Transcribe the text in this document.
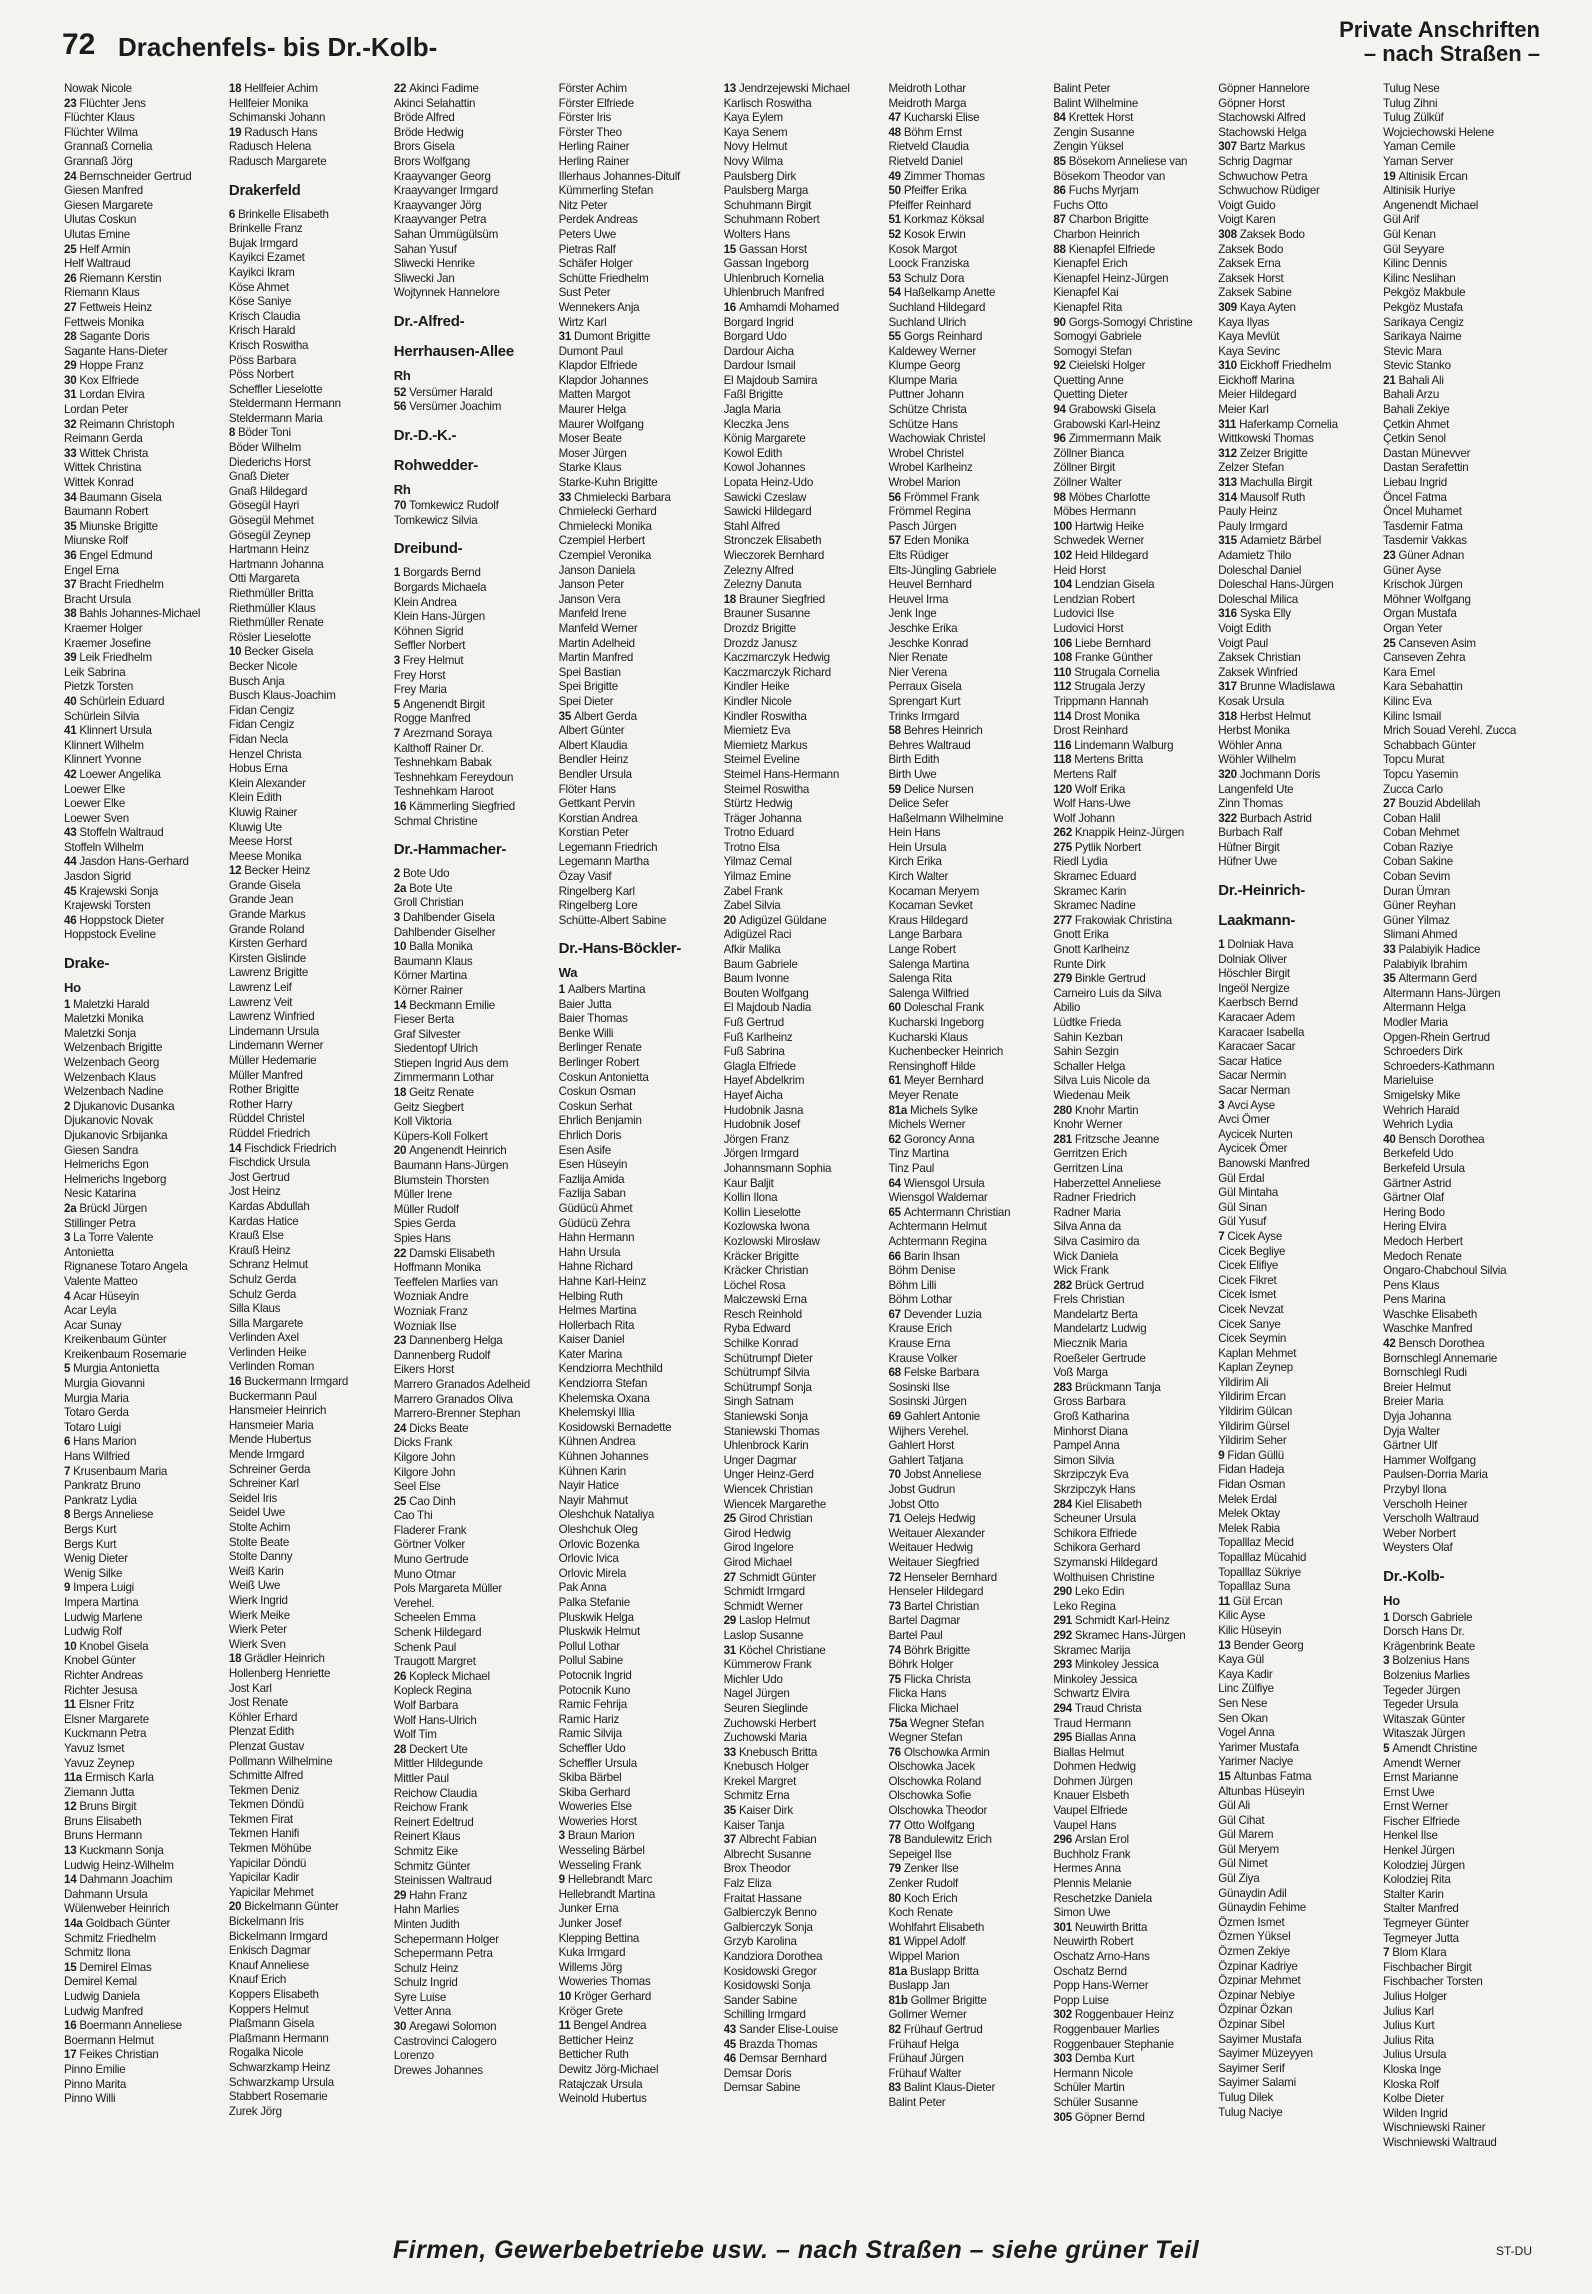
72 Drachenfels- bis Dr.-Kolb-
Private Anschriften
– nach Straßen –
Nowak Nicole
23 Flüchter Jens
Flüchter Klaus
Flüchter Wilma
Grannaß Cornelia
Grannaß Jörg
24 Bernschneider Gertrud
Giesen Manfred
Giesen Margarete
Ulutas Coskun
Ulutas Emine
25 Helf Armin
Helf Waltraud
26 Riemann Kerstin
Riemann Klaus
27 Fettweis Heinz
Fettweis Monika
28 Sagante Doris
Sagante Hans-Dieter
29 Hoppe Franz
30 Kox Elfriede
31 Lordan Elvira
Lordan Peter
32 Reimann Christoph
Reimann Gerda
33 Wittek Christa
Wittek Christina
Wittek Konrad
34 Baumann Gisela
Baumann Robert
35 Miunske Brigitte
Miunske Rolf
36 Engel Edmund
Engel Erna
37 Bracht Friedhelm
Bracht Ursula
38 Bahls Johannes-Michael
Kraemer Holger
Kraemer Josefine
39 Leik Friedhelm
Leik Sabrina
Pietzk Torsten
40 Schürlein Eduard
Schürlein Silvia
41 Klinnert Ursula
Klinnert Wilhelm
Klinnert Yvonne
42 Loewer Angelika
Loewer Elke
Loewer Elke
Loewer Sven
43 Stoffeln Waltraud
Stoffeln Wilhelm
44 Jasdon Hans-Gerhard
Jasdon Sigrid
45 Krajewski Sonja
Krajewski Torsten
46 Hoppstock Dieter
Hoppstock Eveline
Drake-
Ho
1 Maletzki Harald
Maletzki Monika
Maletzki Sonja
Welzenbach Brigitte
Welzenbach Georg
Welzenbach Klaus
Welzenbach Nadine
2 Djukanovic Dusanka
Djukanovic Novak
Djukanovic Srbijanka
Giesen Sandra
Helmerichs Egon
Helmerichs Ingeborg
Nesic Katarina
2a Brückl Jürgen
Stillinger Petra
3 La Torre Valente
Antonietta
Rignanese Totaro Angela
Valente Matteo
4 Acar Hüseyin
Acar Leyla
Acar Sunay
Kreikenbaum Günter
Kreikenbaum Rosemarie
5 Murgia Antonietta
Murgia Giovanni
Murgia Maria
Totaro Gerda
Totaro Luigi
6 Hans Marion
Hans Wilfried
7 Krusenbaum Maria
Pankratz Bruno
Pankratz Lydia
8 Bergs Anneliese
Bergs Kurt
Bergs Kurt
Wenig Dieter
Wenig Silke
9 Impera Luigi
Impera Martina
Ludwig Marlene
Ludwig Rolf
10 Knobel Gisela
Knobel Günter
Richter Andreas
Richter Jesusa
11 Elsner Fritz
Elsner Margarete
Kuckmann Petra
Yavuz Ismet
Yavuz Zeynep
11a Ermisch Karla
Ziemann Jutta
12 Bruns Birgit
Bruns Elisabeth
Bruns Hermann
13 Kuckmann Sonja
Ludwig Heinz-Wilhelm
14 Dahmann Joachim
Dahmann Ursula
Wülenweber Heinrich
14a Goldbach Günter
Schmitz Friedhelm
Schmitz Ilona
15 Demirel Elmas
Demirel Kemal
Ludwig Daniela
Ludwig Manfred
16 Boermann Anneliese
Boermann Helmut
17 Feikes Christian
Pinno Emilie
Pinno Marita
Pinno Willi
18 Hellfeier Achim
Hellfeier Monika
Schimanski Johann
19 Radusch Hans
Radusch Helena
Radusch Margarete
Drakerfeld
6 Brinkelle Elisabeth
Brinkelle Franz
Bujak Irmgard
Kayikci Ezamet
Kayikci Ikram
Köse Ahmet
Köse Saniye
Krisch Claudia
Krisch Harald
Krisch Roswitha
Pöss Barbara
Pöss Norbert
Scheffler Lieselotte
Steldermann Hermann
Steldermann Maria
8 Böder Toni
Böder Wilhelm
Diederichs Horst
Gnaß Dieter
Gnaß Hildegard
Gösegül Hayri
Gösegül Mehmet
Gösegül Zeynep
Hartmann Heinz
Hartmann Johanna
Otti Margareta
Riethmüller Britta
Riethmüller Klaus
Riethmüller Renate
Rösler Lieselotte
10 Becker Gisela
Becker Nicole
Busch Anja
Busch Klaus-Joachim
Fidan Cengiz
Fidan Cengiz
Fidan Necla
Henzel Christa
Hobus Erna
Klein Alexander
Klein Edith
Kluwig Rainer
Kluwig Ute
Meese Horst
Meese Monika
12 Becker Heinz
Grande Gisela
Grande Jean
Grande Markus
Grande Roland
Kirsten Gerhard
Kirsten Gislinde
Lawrenz Brigitte
Lawrenz Leif
Lawrenz Veit
Lawrenz Winfried
Lindemann Ursula
Lindemann Werner
Müller Hedemarie
Müller Manfred
Rother Brigitte
Rother Harry
Rüddel Christel
Rüddel Friedrich
14 Fischdick Friedrich
Fischdick Ursula
Jost Gertrud
Jost Heinz
Kardas Abdullah
Kardas Hatice
Krauß Else
Krauß Heinz
Schranz Helmut
Schulz Gerda
Schulz Gerda
Silla Klaus
Silla Margarete
Verlinden Axel
Verlinden Heike
Verlinden Roman
16 Buckermann Irmgard
Buckermann Paul
Hansmeier Heinrich
Hansmeier Maria
Mende Hubertus
Mende Irmgard
Schreiner Gerda
Schreiner Karl
Seidel Iris
Seidel Uwe
Stolte Achim
Stolte Beate
Stolte Danny
Weiß Karin
Weiß Uwe
Wierk Ingrid
Wierk Meike
Wierk Peter
Wierk Sven
18 Grädler Heinrich
Hollenberg Henriette
Jost Karl
Jost Renate
Köhler Erhard
Plenzat Edith
Plenzat Gustav
Pollmann Wilhelmine
Schmitte Alfred
Tekmen Deniz
Tekmen Döndü
Tekmen Firat
Tekmen Hanifi
Tekmen Möhübe
Yapicilar Döndü
Yapicilar Kadir
Yapicilar Mehmet
20 Bickelmann Günter
Bickelmann Iris
Bickelmann Irmgard
Enkisch Dagmar
Knauf Anneliese
Knauf Erich
Koppers Elisabeth
Koppers Helmut
Plaßmann Gisela
Plaßmann Hermann
Rogalka Nicole
Schwarzkamp Heinz
Schwarzkamp Ursula
Stabbert Rosemarie
Zurek Jörg
22 Akinci Fadime
Akinci Selahattin
Bröde Alfred
Bröde Hedwig
Brors Gisela
Brors Wolfgang
Kraayvanger Georg
Kraayvanger Irmgard
Kraayvanger Jörg
Kraayvanger Petra
Sahan Ümmügülsüm
Sahan Yusuf
Sliwecki Henrike
Sliwecki Jan
Wojtynnek Hannelore
Dr.-Alfred-
Herrhausen-Allee
Rh
52 Versümer Harald
56 Versümer Joachim
Dr.-D.-K.-
Rohwedder-
Rh
70 Tomkewicz Rudolf
Tomkewicz Silvia
Dreibund-
1 Borgards Bernd
Borgards Michaela
Klein Andrea
Klein Hans-Jürgen
Köhnen Sigrid
Seffler Norbert
3 Frey Helmut
Frey Horst
Frey Maria
5 Angenendt Birgit
Rogge Manfred
7 Arezmand Soraya
Kalthoff Rainer Dr.
Teshnehkam Babak
Teshnehkam Fereydoun
Teshnehkam Haroot
16 Kämmerling Siegfried
Schmal Christine
Dr.-Hammacher-
2 Bote Udo
2a Bote Ute
Groll Christian
3 Dahlbender Gisela
Dahlbender Giselher
10 Balla Monika
Baumann Klaus
Körner Martina
Körner Rainer
14 Beckmann Emilie
Fieser Berta
Graf Silvester
Siedentopf Ulrich
Stiepen Ingrid Aus dem
Zimmermann Lothar
18 Geitz Renate
Geitz Siegbert
Koll Viktoria
Küpers-Koll Folkert
20 Angenendt Heinrich
Baumann Hans-Jürgen
Blumstein Thorsten
Müller Irene
Müller Rudolf
Spies Gerda
Spies Hans
22 Damski Elisabeth
Hoffmann Monika
Teeffelen Marlies van
Wozniak Andre
Wozniak Franz
Wozniak Ilse
23 Dannenberg Helga
Dannenberg Rudolf
Eikers Horst
Marrero Granados Adelheid
Marrero Granados Oliva
Marrero-Brenner Stephan
24 Dicks Beate
Dicks Frank
Kilgore John
Kilgore John
Seel Else
25 Cao Dinh
Cao Thi
Fladerer Frank
Görtner Volker
Muno Gertrude
Muno Otmar
Pols Margareta Müller
Verehel.
Scheelen Emma
Schenk Hildegard
Schenk Paul
Traugott Margret
26 Kopleck Michael
Kopleck Regina
Wolf Barbara
Wolf Hans-Ulrich
Wolf Tim
28 Deckert Ute
Mittler Hildegunde
Mittler Paul
Reichow Claudia
Reichow Frank
Reinert Edeltrud
Reinert Klaus
Schmitz Eike
Schmitz Günter
Steinissen Waltraud
29 Hahn Franz
Hahn Marlies
Minten Judith
Schepermann Holger
Schepermann Petra
Schulz Heinz
Schulz Ingrid
Syre Luise
Vetter Anna
30 Aregawi Solomon
Castrovinci Calogero
Lorenzo
Drewes Johannes
Förster Achim
Förster Elfriede
Förster Iris
Förster Theo
Herling Rainer
Herling Rainer
Illerhaus Johannes-Ditulf
Kümmerling Stefan
Nitz Peter
Perdek Andreas
Peters Uwe
Pietras Ralf
Schäfer Holger
Schütte Friedhelm
Sust Peter
Wennekers Anja
Wirtz Karl
31 Dumont Brigitte
Dumont Paul
Klapdor Elfriede
Klapdor Johannes
Matten Margot
Maurer Helga
Maurer Wolfgang
Moser Beate
Moser Jürgen
Starke Klaus
Starke-Kuhn Brigitte
33 Chmielecki Barbara
Chmielecki Gerhard
Chmielecki Monika
Czempiel Herbert
Czempiel Veronika
Janson Daniela
Janson Peter
Janson Vera
Manfeld Irene
Manfeld Werner
Martin Adelheid
Martin Manfred
Spei Bastian
Spei Brigitte
Spei Dieter
35 Albert Gerda
Albert Günter
Albert Klaudia
Bendler Heinz
Bendler Ursula
Flöter Hans
Gettkant Pervin
Korstian Andrea
Korstian Peter
Legemann Friedrich
Legemann Martha
Özay Vasif
Ringelberg Karl
Ringelberg Lore
Schütte-Albert Sabine
Dr.-Hans-Böckler-
Wa
1 Aalbers Martina
Baier Jutta
Baier Thomas
Benke Willi
Berlinger Renate
Berlinger Robert
Coskun Antonietta
Coskun Osman
Coskun Serhat
Ehrlich Benjamin
Ehrlich Doris
Esen Asife
Esen Hüseyin
Fazlija Amida
Fazlija Saban
Güdücü Ahmet
Güdücü Zehra
Hahn Hermann
Hahn Ursula
Hahne Richard
Hahne Karl-Heinz
Helbing Ruth
Helmes Martina
Hollerbach Rita
Kaiser Daniel
Kater Marina
Kendziorra Mechthild
Kendziorra Stefan
Khelemska Oxana
Khelemskyi Illia
Kosidowski Bernadette
Kühnen Andrea
Kühnen Johannes
Kühnen Karin
Nayir Hatice
Nayir Mahmut
Oleshchuk Nataliya
Oleshchuk Oleg
Orlovic Bozenka
Orlovic Ivica
Orlovic Mirela
Pak Anna
Palka Stefanie
Pluskwik Helga
Pluskwik Helmut
Pollul Lothar
Pollul Sabine
Potocnik Ingrid
Potocnik Kuno
Ramic Fehrija
Ramic Hariz
Ramic Silvija
Scheffler Udo
Scheffler Ursula
Skiba Bärbel
Skiba Gerhard
Woweries Else
Woweries Horst
3 Braun Marion
Wesseling Bärbel
Wesseling Frank
9 Hellebrandt Marc
Hellebrandt Martina
Junker Erna
Junker Josef
Klepping Bettina
Kuka Irmgard
Willems Jörg
Woweries Thomas
10 Kröger Gerhard
Kröger Grete
11 Bengel Andrea
Betticher Heinz
Betticher Ruth
Dewitz Jörg-Michael
Ratajczak Ursula
Weinold Hubertus
13 Jendrzejewski Michael
Karlisch Roswitha
Kaya Eylem
Kaya Senem
Novy Helmut
Novy Wilma
Paulsberg Dirk
Paulsberg Marga
Schuhmann Birgit
Schuhmann Robert
Wolters Hans
15 Gassan Horst
Gassan Ingeborg
Uhlenbruch Kornelia
Uhlenbruch Manfred
16 Amhamdi Mohamed
Borgard Ingrid
Borgard Udo
Dardour Aicha
Dardour Ismail
El Majdoub Samira
Faßl Brigitte
Jagla Maria
Kleczka Jens
König Margarete
Kowol Edith
Kowol Johannes
Lopata Heinz-Udo
Sawicki Czeslaw
Sawicki Hildegard
Stahl Alfred
Stronczek Elisabeth
Wieczorek Bernhard
Zelezny Alfred
Zelezny Danuta
18 Brauner Siegfried
Brauner Susanne
Drozdz Brigitte
Drozdz Janusz
Kaczmarczyk Hedwig
Kaczmarczyk Richard
Kindler Heike
Kindler Nicole
Kindler Roswitha
Miemietz Eva
Miemietz Markus
Steimel Eveline
Steimel Hans-Hermann
Steimel Roswitha
Stürtz Hedwig
Träger Johanna
Trotno Eduard
Trotno Elsa
Yilmaz Cemal
Yilmaz Emine
Zabel Frank
Zabel Silvia
20 Adigüzel Güldane
Adigüzel Raci
Afkir Malika
Baum Gabriele
Baum Ivonne
Bouten Wolfgang
El Majdoub Nadia
Fuß Gertrud
Fuß Karlheinz
Fuß Sabrina
Glagla Elfriede
Hayef Abdelkrim
Hayef Aicha
Hudobnik Jasna
Hudobnik Josef
Jörgen Franz
Jörgen Irmgard
Johannsmann Sophia
Kaur Baljit
Kollin Ilona
Kollin Lieselotte
Kozlowska Iwona
Kozlowski Mirosław
Kräcker Brigitte
Kräcker Christian
Löchel Rosa
Malczewski Erna
Resch Reinhold
Ryba Edward
Schilke Konrad
Schütrumpf Dieter
Schütrumpf Silvia
Schütrumpf Sonja
Singh Satnam
Staniewski Sonja
Staniewski Thomas
Uhlenbrock Karin
Unger Dagmar
Unger Heinz-Gerd
Wiencek Christian
Wiencek Margarethe
25 Girod Christian
Girod Hedwig
Girod Ingelore
Girod Michael
27 Schmidt Günter
Schmidt Irmgard
Schmidt Werner
29 Laslop Helmut
Laslop Susanne
31 Köchel Christiane
Kümmerow Frank
Michler Udo
Nagel Jürgen
Seuren Sieglinde
Zuchowski Herbert
Zuchowski Maria
33 Knebusch Britta
Knebusch Holger
Krekel Margret
Schmitz Erna
35 Kaiser Dirk
Kaiser Tanja
37 Albrecht Fabian
Albrecht Susanne
Brox Theodor
Falz Eliza
Fraitat Hassane
Galbierczyk Benno
Galbierczyk Sonja
Grzyb Karolina
Kandziora Dorothea
Kosidowski Gregor
Kosidowski Sonja
Sander Sabine
Schilling Irmgard
43 Sander Elise-Louise
45 Brazda Thomas
46 Demsar Bernhard
Demsar Doris
Demsar Sabine
Meidroth Lothar
Meidroth Marga
47 Kucharski Elise
48 Böhm Ernst
Rietveld Claudia
Rietveld Daniel
49 Zimmer Thomas
50 Pfeiffer Erika
Pfeiffer Reinhard
51 Korkmaz Köksal
52 Kosok Erwin
Kosok Margot
Loock Franziska
53 Schulz Dora
54 Haßelkamp Anette
Suchland Hildegard
Suchland Ulrich
55 Gorgs Reinhard
Kaldewey Werner
Klumpe Georg
Klumpe Maria
Puttner Johann
Schütze Christa
Schütze Hans
Wachowiak Christel
Wrobel Christel
Wrobel Karlheinz
Wrobel Marion
56 Frömmel Frank
Frömmel Regina
Pasch Jürgen
57 Eden Monika
Elts Rüdiger
Elts-Jüngling Gabriele
Heuvel Bernhard
Heuvel Irma
Jenk Inge
Jeschke Erika
Jeschke Konrad
Nier Renate
Nier Verena
Perraux Gisela
Sprengart Kurt
Trinks Irmgard
58 Behres Heinrich
Behres Waltraud
Birth Edith
Birth Uwe
59 Delice Nursen
Delice Sefer
Haßelmann Wilhelmine
Hein Hans
Hein Ursula
Kirch Erika
Kirch Walter
Kocaman Meryem
Kocaman Sevket
Kraus Hildegard
Lange Barbara
Lange Robert
Salenga Martina
Salenga Rita
Salenga Wilfried
60 Doleschal Frank
Kucharski Ingeborg
Kucharski Klaus
Kuchenbecker Heinrich
Rensinghoff Hilde
61 Meyer Bernhard
Meyer Renate
81a Michels Sylke
Michels Werner
62 Goroncy Anna
Tinz Martina
Tinz Paul
64 Wiensgol Ursula
Wiensgol Waldemar
65 Achtermann Christian
Achtermann Helmut
Achtermann Regina
66 Barin Ihsan
Böhm Denise
Böhm Lilli
Böhm Lothar
67 Devender Luzia
Krause Erich
Krause Erna
Krause Volker
68 Felske Barbara
Sosinski Ilse
Sosinski Jürgen
69 Gahlert Antonie
Wijhers Verehel.
Gahlert Horst
Gahlert Tatjana
70 Jobst Anneliese
Jobst Gudrun
Jobst Otto
71 Oelejs Hedwig
Weitauer Alexander
Weitauer Hedwig
Weitauer Siegfried
72 Henseler Bernhard
Henseler Hildegard
73 Bartel Christian
Bartel Dagmar
Bartel Paul
74 Böhrk Brigitte
Böhrk Holger
75 Flicka Christa
Flicka Hans
Flicka Michael
75a Wegner Stefan
Wegner Stefan
76 Olschowka Armin
Olschowka Jacek
Olschowka Roland
Olschowka Sofie
Olschowka Theodor
77 Otto Wolfgang
78 Bandulewitz Erich
Sepeigel Ilse
79 Zenker Ilse
Zenker Rudolf
80 Koch Erich
Koch Renate
Wohlfahrt Elisabeth
81 Wippel Adolf
Wippel Marion
81a Buslapp Britta
Buslapp Jan
81b Gollmer Brigitte
Gollmer Werner
82 Frühauf Gertrud
Frühauf Helga
Frühauf Jürgen
Frühauf Walter
83 Balint Klaus-Dieter
Balint Peter
Balint Peter
Balint Wilhelmine
84 Krettek Horst
Zengin Susanne
Zengin Yüksel
85 Bösekom Anneliese van
Bösekom Theodor van
86 Fuchs Myrjam
Fuchs Otto
87 Charbon Brigitte
Charbon Heinrich
88 Kienapfel Elfriede
Kienapfel Erich
Kienapfel Heinz-Jürgen
Kienapfel Kai
Kienapfel Rita
90 Gorgs-Somogyi Christine
Somogyi Gabriele
Somogyi Stefan
92 Cieielski Holger
Quetting Anne
Quetting Dieter
94 Grabowski Gisela
Grabowski Karl-Heinz
96 Zimmermann Maik
Zöllner Bianca
Zöllner Birgit
Zöllner Walter
98 Möbes Charlotte
Möbes Hermann
100 Hartwig Heike
Schwedek Werner
102 Heid Hildegard
Heid Horst
104 Lendzian Gisela
Lendzian Robert
Ludovici Ilse
Ludovici Horst
106 Liebe Bernhard
108 Franke Günther
110 Strugala Cornelia
112 Strugala Jerzy
Trippmann Hannah
114 Drost Monika
Drost Reinhard
116 Lindemann Walburg
118 Mertens Britta
Mertens Ralf
120 Wolf Erika
Wolf Hans-Uwe
Wolf Johann
262 Knappik Heinz-Jürgen
275 Pytlik Norbert
Riedl Lydia
Skramec Eduard
Skramec Karin
Skramec Nadine
277 Frakowiak Christina
Gnott Erika
Gnott Karlheinz
Runte Dirk
279 Binkle Gertrud
Carneiro Luis da Silva
Abilio
Lüdtke Frieda
Sahin Kezban
Sahin Sezgin
Schaller Helga
Silva Luis Nicole da
Wiedenau Meik
280 Knohr Martin
Knohr Werner
281 Fritzsche Jeanne
Gerritzen Erich
Gerritzen Lina
Haberzettel Anneliese
Radner Friedrich
Radner Maria
Silva Anna da
Silva Casimiro da
Wick Daniela
Wick Frank
282 Brück Gertrud
Frels Christian
Mandelartz Berta
Mandelartz Ludwig
Miecznik Maria
Roeßeler Gertrude
Voß Marga
283 Brückmann Tanja
Gross Barbara
Groß Katharina
Minhorst Diana
Pampel Anna
Simon Silvia
Skrzipczyk Eva
Skrzipczyk Hans
284 Kiel Elisabeth
Scheuner Ursula
Schikora Elfriede
Schikora Gerhard
Szymanski Hildegard
Wolthuisen Christine
290 Leko Edin
Leko Regina
291 Schmidt Karl-Heinz
292 Skramec Hans-Jürgen
Skramec Marija
293 Minkoley Jessica
Minkoley Jessica
Schwartz Elvira
294 Traud Christa
Traud Hermann
295 Biallas Anna
Biallas Helmut
Dohmen Hedwig
Dohmen Jürgen
Knauer Elsbeth
Vaupel Elfriede
Vaupel Hans
296 Arslan Erol
Buchholz Frank
Hermes Anna
Plennis Melanie
Reschetzke Daniela
Simon Uwe
301 Neuwirth Britta
Neuwirth Robert
Oschatz Arno-Hans
Oschatz Bernd
Popp Hans-Werner
Popp Luise
302 Roggenbauer Heinz
Roggenbauer Marlies
Roggenbauer Stephanie
303 Demba Kurt
Hermann Nicole
Schüler Martin
Schüler Susanne
305 Göpner Bernd
Göpner Hannelore
Göpner Horst
Stachowski Alfred
Stachowski Helga
307 Bartz Markus
Schrig Dagmar
Schwuchow Petra
Schwuchow Rüdiger
Voigt Guido
Voigt Karen
308 Zaksek Bodo
Zaksek Bodo
Zaksek Erna
Zaksek Horst
Zaksek Sabine
309 Kaya Ayten
Kaya Ilyas
Kaya Mevlüt
Kaya Sevinc
310 Eickhoff Friedhelm
Eickhoff Marina
Meier Hildegard
Meier Karl
311 Haferkamp Cornelia
Wittkowski Thomas
312 Zelzer Brigitte
Zelzer Stefan
313 Machulla Birgit
314 Mausolf Ruth
Pauly Heinz
Pauly Irmgard
315 Adamietz Bärbel
Adamietz Thilo
Doleschal Daniel
Doleschal Hans-Jürgen
Doleschal Milica
316 Syska Elly
Voigt Edith
Voigt Paul
Zaksek Christian
Zaksek Winfried
317 Brunne Wladislawa
Kosak Ursula
318 Herbst Helmut
Herbst Monika
Wöhler Anna
Wöhler Wilhelm
320 Jochmann Doris
Langenfeld Ute
Zinn Thomas
322 Burbach Astrid
Burbach Ralf
Hüfner Birgit
Hüfner Uwe
Dr.-Heinrich-
Laakmann-
1 Dolniak Hava
Dolniak Oliver
Höschler Birgit
Ingeöl Nergize
Kaerbsch Bernd
Karacaer Adem
Karacaer Isabella
Karacaer Sacar
Sacar Hatice
Sacar Nermin
Sacar Nerman
3 Avci Ayse
Avci Ömer
Aycicek Nurten
Aycicek Ömer
Banowski Manfred
Gül Erdal
Gül Mintaha
Gül Sinan
Gül Yusuf
7 Cicek Ayse
Cicek Begliye
Cicek Elifiye
Cicek Fikret
Cicek Ismet
Cicek Nevzat
Cicek Sanye
Cicek Seymin
Kaplan Mehmet
Kaplan Zeynep
Yildirim Ali
Yildirim Ercan
Yildirim Gülcan
Yildirim Gürsel
Yildirim Seher
9 Fidan Güllü
Fidan Hadeja
Fidan Osman
Melek Erdal
Melek Oktay
Melek Rabia
Topalllaz Mecid
Topalllaz Mücahid
Topalllaz Sükriye
Topalllaz Suna
11 Gül Ercan
Kilic Ayse
Kilic Hüseyin
13 Bender Georg
Kaya Gül
Kaya Kadir
Linc Zülfiye
Sen Nese
Sen Okan
Vogel Anna
Yarimer Mustafa
Yarimer Naciye
15 Altunbas Fatma
Altunbas Hüseyin
Gül Ali
Gül Cihat
Gül Marem
Gül Meryem
Gül Nimet
Gül Ziya
Günaydin Adil
Günaydin Fehime
Özmen Ismet
Özmen Yüksel
Özmen Zekiye
Özpinar Kadriye
Özpinar Mehmet
Özpinar Nebiye
Özpinar Özkan
Özpinar Sibel
Sayimer Mustafa
Sayimer Müzeyyen
Sayimer Serif
Sayimer Salami
Tulug Dilek
Tulug Naciye
Tulug Nese
Tulug Zihni
Tulug Zülküf
Wojciechowski Helene
Yaman Cemile
Yaman Server
19 Altinisik Ercan
Altinisik Huriye
Angenendt Michael
Gül Arif
Gül Kenan
Gül Seyyare
Kilinc Dennis
Kilinc Neslihan
Pekgöz Makbule
Pekgöz Mustafa
Sarikaya Cengiz
Sarikaya Naime
Stevic Mara
Stevic Stanko
21 Bahali Ali
Bahali Arzu
Bahali Zekiye
Çetkin Ahmet
Çetkin Senol
Dastan Münevver
Dastan Serafettin
Liebau Ingrid
Öncel Fatma
Öncel Muhamet
Tasdemir Fatma
Tasdemir Vakkas
23 Güner Adnan
Güner Ayse
Krischok Jürgen
Möhner Wolfgang
Organ Mustafa
Organ Yeter
25 Canseven Asim
Canseven Zehra
Kara Emel
Kara Sebahattin
Kilinc Eva
Kilinc Ismail
Mrich Souad Verehl. Zucca
Schabbach Günter
Topcu Murat
Topcu Yasemin
Zucca Carlo
27 Bouzid Abdelilah
Coban Halil
Coban Mehmet
Coban Raziye
Coban Sakine
Coban Sevim
Duran Ümran
Güner Reyhan
Güner Yilmaz
Slimani Ahmed
33 Palabiyik Hadice
Palabiyik Ibrahim
35 Altermann Gerd
Altermann Hans-Jürgen
Altermann Helga
Modler Maria
Opgen-Rhein Gertrud
Schroeders Dirk
Schroeders-Kathmann
Marieluise
Smigelsky Mike
Wehrich Harald
Wehrich Lydia
40 Bensch Dorothea
Berkefeld Udo
Berkefeld Ursula
Gärtner Astrid
Gärtner Olaf
Hering Bodo
Hering Elvira
Medoch Herbert
Medoch Renate
Ongaro-Chabchoul Silvia
Pens Klaus
Pens Marina
Waschke Elisabeth
Waschke Manfred
42 Bensch Dorothea
Bornschlegl Annemarie
Bornschlegl Rudi
Breier Helmut
Breier Maria
Dyja Johanna
Dyja Walter
Gärtner Ulf
Hammer Wolfgang
Paulsen-Dorria Maria
Przybyl Ilona
Verscholh Heiner
Verscholh Waltraud
Weber Norbert
Weysters Olaf
Dr.-Kolb-
Ho
1 Dorsch Gabriele
Dorsch Hans Dr.
Krägenbrink Beate
3 Bolzenius Hans
Bolzenius Marlies
Tegeder Jürgen
Tegeder Ursula
Witaszak Günter
Witaszak Jürgen
5 Amendt Christine
Amendt Werner
Ernst Marianne
Ernst Uwe
Ernst Werner
Fischer Elfriede
Henkel Ilse
Henkel Jürgen
Kolodziej Jürgen
Kolodziej Rita
Stalter Karin
Stalter Manfred
Tegmeyer Günter
Tegmeyer Jutta
7 Blom Klara
Fischbacher Birgit
Fischbacher Torsten
Julius Holger
Julius Karl
Julius Kurt
Julius Rita
Julius Ursula
Kloska Inge
Kloska Rolf
Kolbe Dieter
Wilden Ingrid
Wischniewski Rainer
Wischniewski Waltraud
Firmen, Gewerbebetriebe usw. – nach Straßen – siehe grüner Teil	ST-DU
